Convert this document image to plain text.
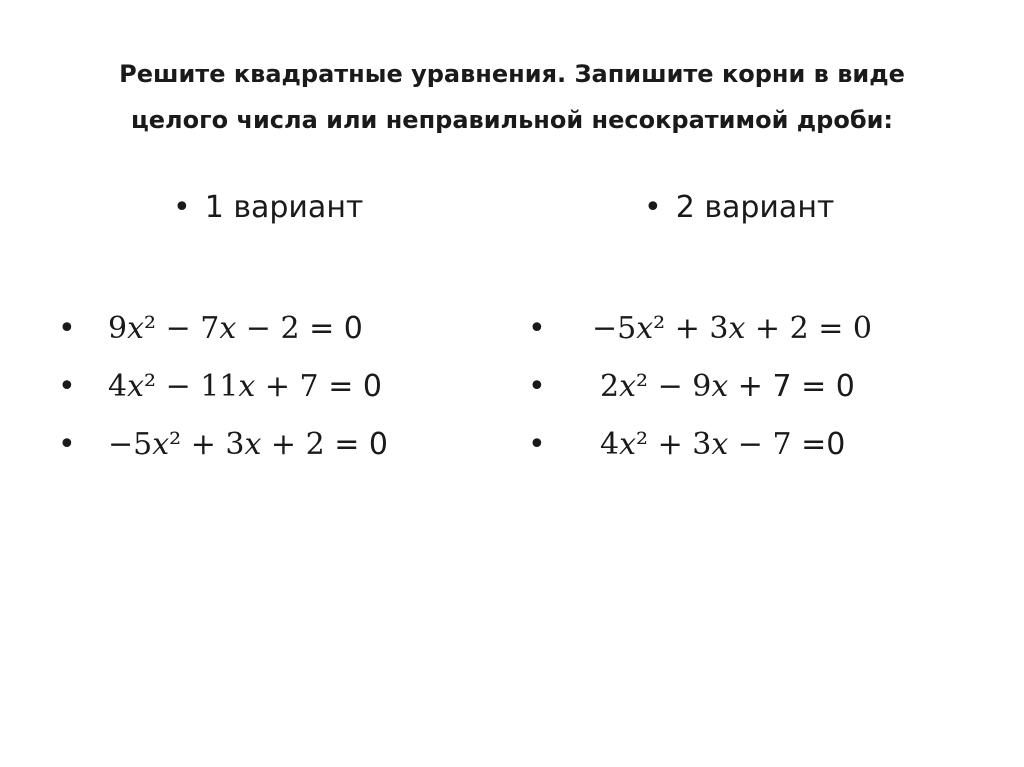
Решите квадратные уравнения. Запишите корни в виде
целого числа или неправильной несократимой дроби:
• 1 вариант
•	9𝑥² − 7𝑥 − 2
= 0
•	4𝑥² − 11𝑥 + 7
= 0
•	−5𝑥² + 3𝑥 + 2
= 0
• 2 вариант
•	−5𝑥² + 3𝑥 + 2 = 0
•	2𝑥² − 9𝑥
+ 7 = 0
•	4𝑥² + 3𝑥 − 7
=0
